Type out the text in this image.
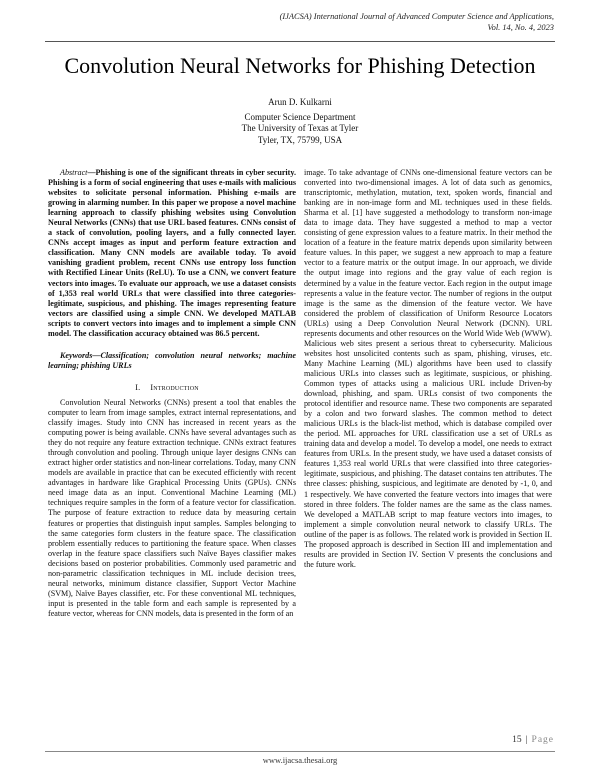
(IJACSA) International Journal of Advanced Computer Science and Applications,
Vol. 14, No. 4, 2023
Convolution Neural Networks for Phishing Detection
Arun D. Kulkarni
Computer Science Department
The University of Texas at Tyler
Tyler, TX, 75799, USA

Abstract—Phishing is one of the significant threats in cyber security. Phishing is a form of social engineering that uses e-mails with malicious websites to solicitate personal information. Phishing e-mails are growing in alarming number. In this paper we propose a novel machine learning approach to classify phishing websites using Convolution Neural Networks (CNNs) that use URL based features. CNNs consist of a stack of convolution, pooling layers, and a fully connected layer. CNNs accept images as input and perform feature extraction and classification. Many CNN models are available today. To avoid vanishing gradient problem, recent CNNs use entropy loss function with Rectified Linear Units (ReLU). To use a CNN, we convert feature vectors into images. To evaluate our approach, we use a dataset consists of 1,353 real world URLs that were classified into three categories-legitimate, suspicious, and phishing. The images representing feature vectors are classified using a simple CNN. We developed MATLAB scripts to convert vectors into images and to implement a simple CNN model. The classification accuracy obtained was 86.5 percent.

Keywords—Classification; convolution neural networks; machine learning; phishing URLs

I. Introduction

Convolution Neural Networks (CNNs) present a tool that enables the computer to learn from image samples, extract internal representations, and classify images. Study into CNN has increased in recent years as the computing power is being available. CNNs have several advantages such as they do not require any feature extraction technique. CNNs extract features through convolution and pooling. Through unique layer designs CNNs can extract higher order statistics and non-linear correlations. Today, many CNN models are available in practice that can be executed efficiently with recent advantages in hardware like Graphical Processing Units (GPUs). CNNs need image data as an input. Conventional Machine Learning (ML) techniques require samples in the form of a feature vector for classification. The purpose of feature extraction to reduce data by measuring certain features or properties that distinguish input samples. Samples belonging to the same categories form clusters in the feature space. The classification problem essentially reduces to partitioning the feature space. When classes overlap in the feature space classifiers such Naïve Bayes classifier makes decisions based on posterior probabilities. Commonly used parametric and non-parametric classification techniques in ML include decision trees, neural networks, minimum distance classifier, Support Vector Machine (SVM), Naïve Bayes classifier, etc. For these conventional ML techniques, input is presented in the table form and each sample is represented by a feature vector, whereas for CNN models, data is presented in the form of an

image. To take advantage of CNNs one-dimensional feature vectors can be converted into two-dimensional images. A lot of data such as genomics, transcriptomic, methylation, mutation, text, spoken words, financial and banking are in non-image form and ML techniques used in these fields. Sharma et al. [1] have suggested a methodology to transform non-image data to image data. They have suggested a method to map a vector consisting of gene expression values to a feature matrix. In their method the location of a feature in the feature matrix depends upon similarity between feature values. In this paper, we suggest a new approach to map a feature vector to a feature matrix or the output image. In our approach, we divide the output image into regions and the gray value of each region is determined by a value in the feature vector. Each region in the output image represents a value in the feature vector. The number of regions in the output image is the same as the dimension of the feature vector. We have considered the problem of classification of Uniform Resource Locators (URLs) using a Deep Convolution Neural Network (DCNN). URL represents documents and other resources on the World Wide Web (WWW). Malicious web sites present a serious threat to cybersecurity. Malicious websites host unsolicited contents such as spam, phishing, viruses, etc. Many Machine Learning (ML) algorithms have been used to classify malicious URLs into classes such as legitimate, suspicious, or phishing. Common types of attacks using a malicious URL include Driven-by download, phishing, and spam. URLs consist of two components the protocol identifier and resource name. These two components are separated by a colon and two forward slashes. The common method to detect malicious URLs is the black-list method, which is database compiled over the period. ML approaches for URL classification use a set of URLs as training data and develop a model. To develop a model, one needs to extract features from URLs. In the present study, we have used a dataset consists of features 1,353 real world URLs that were classified into three categories-legitimate, suspicious, and phishing. The dataset contains ten attributes. The three classes: phishing, suspicious, and legitimate are denoted by -1, 0, and 1 respectively. We have converted the feature vectors into images that were stored in three folders. The folder names are the same as the class names. We developed a MATLAB script to map feature vectors into images, to implement a simple convolution neural network to classify URLs. The outline of the paper is as follows. The related work is provided in Section II. The proposed approach is described in Section III and implementation and results are provided in Section IV. Section V presents the conclusions and the future work.

15 | Page
www.ijacsa.thesai.org
